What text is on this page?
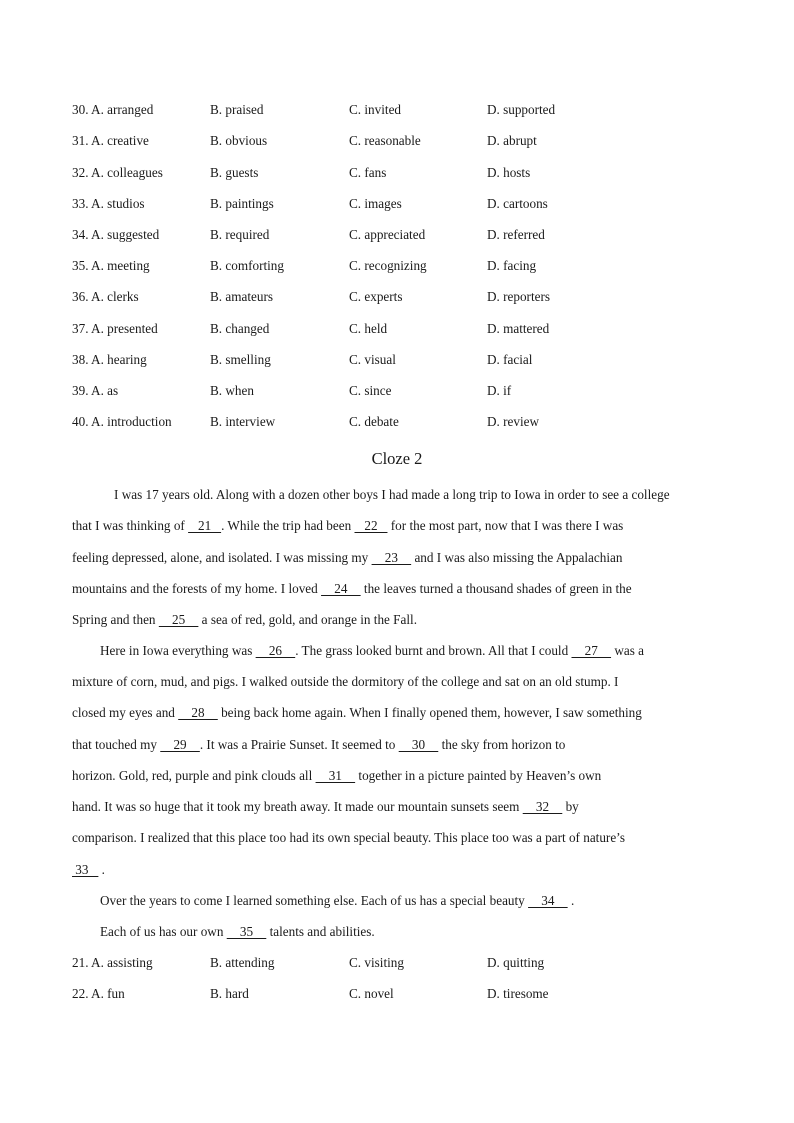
30. A. arranged	B. praised	C. invited	D. supported
31. A. creative	B. obvious	C. reasonable	D. abrupt
32. A. colleagues	B. guests	C. fans	D. hosts
33. A. studios	B. paintings	C. images	D. cartoons
34. A. suggested	B. required	C. appreciated	D. referred
35. A. meeting	B. comforting	C. recognizing	D. facing
36. A. clerks	B. amateurs	C. experts	D. reporters
37. A. presented	B. changed	C. held	D. mattered
38. A. hearing	B. smelling	C. visual	D. facial
39. A. as	B. when	C. since	D. if
40. A. introduction	B. interview	C. debate	D. review
Cloze 2
I was 17 years old. Along with a dozen other boys I had made a long trip to Iowa in order to see a college
that I was thinking of    21   . While the trip had been    22    for the most part, now that I was there I was
feeling depressed, alone, and isolated. I was missing my     23     and I was also missing the Appalachian
mountains and the forests of my home. I loved     24     the leaves turned a thousand shades of green in the
Spring and then     25     a sea of red, gold, and orange in the Fall.
Here in Iowa everything was     26    . The grass looked burnt and brown. All that I could     27     was a
mixture of corn, mud, and pigs. I walked outside the dormitory of the college and sat on an old stump. I
closed my eyes and     28     being back home again. When I finally opened them, however, I saw something
that touched my     29    . It was a Prairie Sunset. It seemed to     30     the sky from horizon to
horizon. Gold, red, purple and pink clouds all     31     together in a picture painted by Heaven’s own
hand. It was so huge that it took my breath away. It made our mountain sunsets seem     32     by
comparison. I realized that this place too had its own special beauty. This place too was a part of nature’s
33    .
Over the years to come I learned something else. Each of us has a special beauty     34     .
Each of us has our own     35     talents and abilities.
21. A. assisting	B. attending	C. visiting	D. quitting
22. A. fun	B. hard	C. novel	D. tiresome
